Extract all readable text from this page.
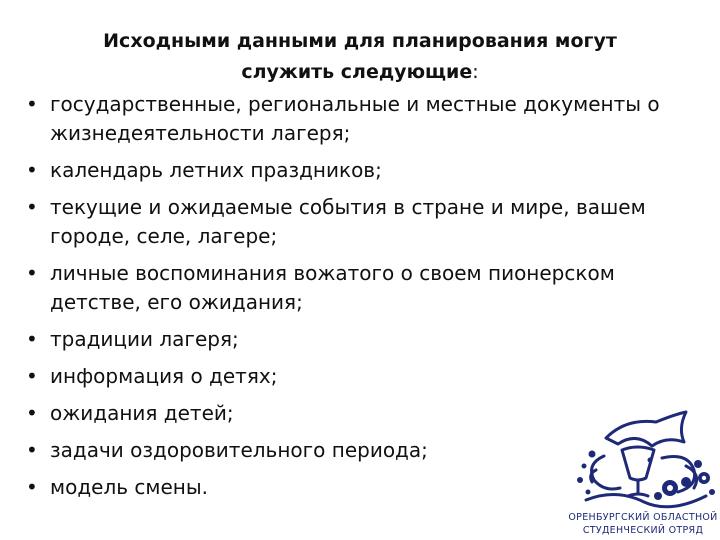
Исходными данными для планирования могут
служить следующие:
• государственные, региональные и местные документы о жизнедеятельности лагеря;
• календарь летних праздников;
• текущие и ожидаемые события в стране и мире, вашем городе, селе, лагере;
• личные воспоминания вожатого о своем пионерском детстве, его ожидания;
• традиции лагеря;
• информация о детях;
• ожидания детей;
• задачи оздоровительного периода;
• модель смены.
ОРЕНБУРГСКИЙ ОБЛАСТНОЙ
СТУДЕНЧЕСКИЙ ОТРЯД
